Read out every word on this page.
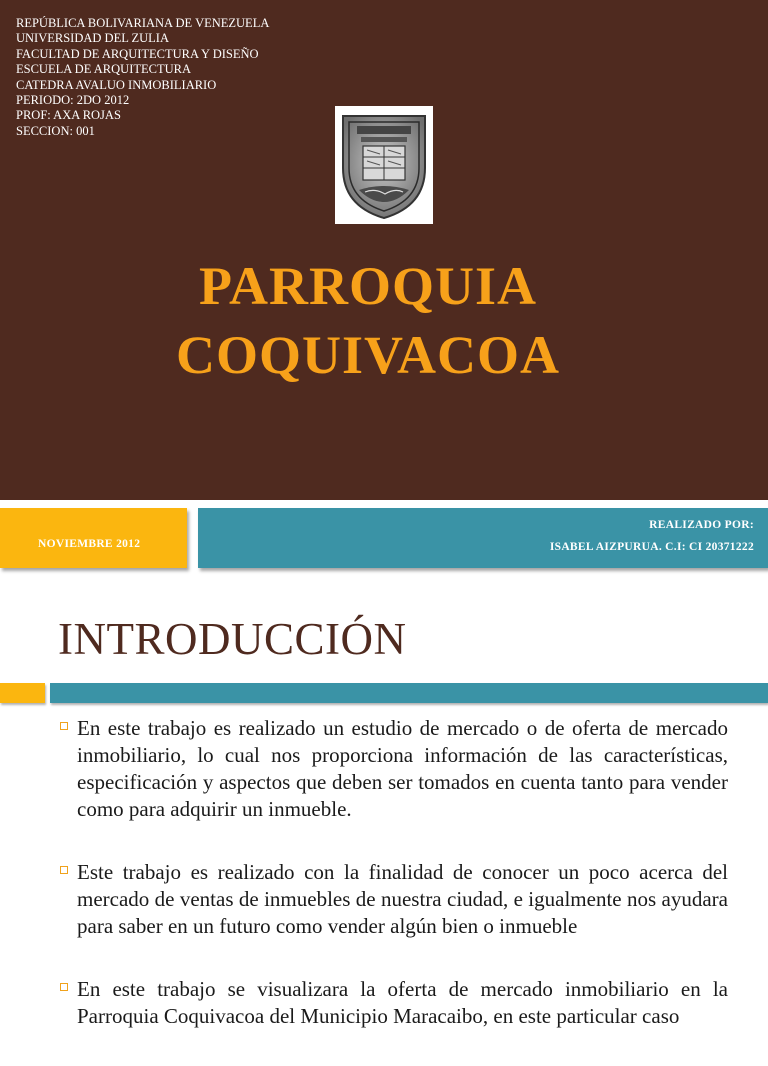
REPÚBLICA BOLIVARIANA DE VENEZUELA
UNIVERSIDAD DEL ZULIA
FACULTAD DE ARQUITECTURA Y DISEÑO
ESCUELA DE ARQUITECTURA
CATEDRA AVALUO INMOBILIARIO
PERIODO: 2DO 2012
PROF: AXA ROJAS
SECCION: 001
PARROQUIA
COQUIVACOA
NOVIEMBRE 2012
REALIZADO POR:
ISABEL AIZPURUA. C.I: CI 20371222
INTRODUCCIÓN
En este trabajo es realizado un estudio de mercado o de oferta de mercado inmobiliario, lo cual nos proporciona información de las características, especificación y aspectos que deben ser tomados en cuenta tanto para vender como para adquirir un inmueble.
Este trabajo es realizado con la finalidad de conocer un poco acerca del mercado de ventas de inmuebles de nuestra ciudad, e igualmente nos ayudara para saber en un futuro como vender algún bien o inmueble
En este trabajo se visualizara la oferta de mercado inmobiliario en la Parroquia Coquivacoa del Municipio Maracaibo, en este particular caso
